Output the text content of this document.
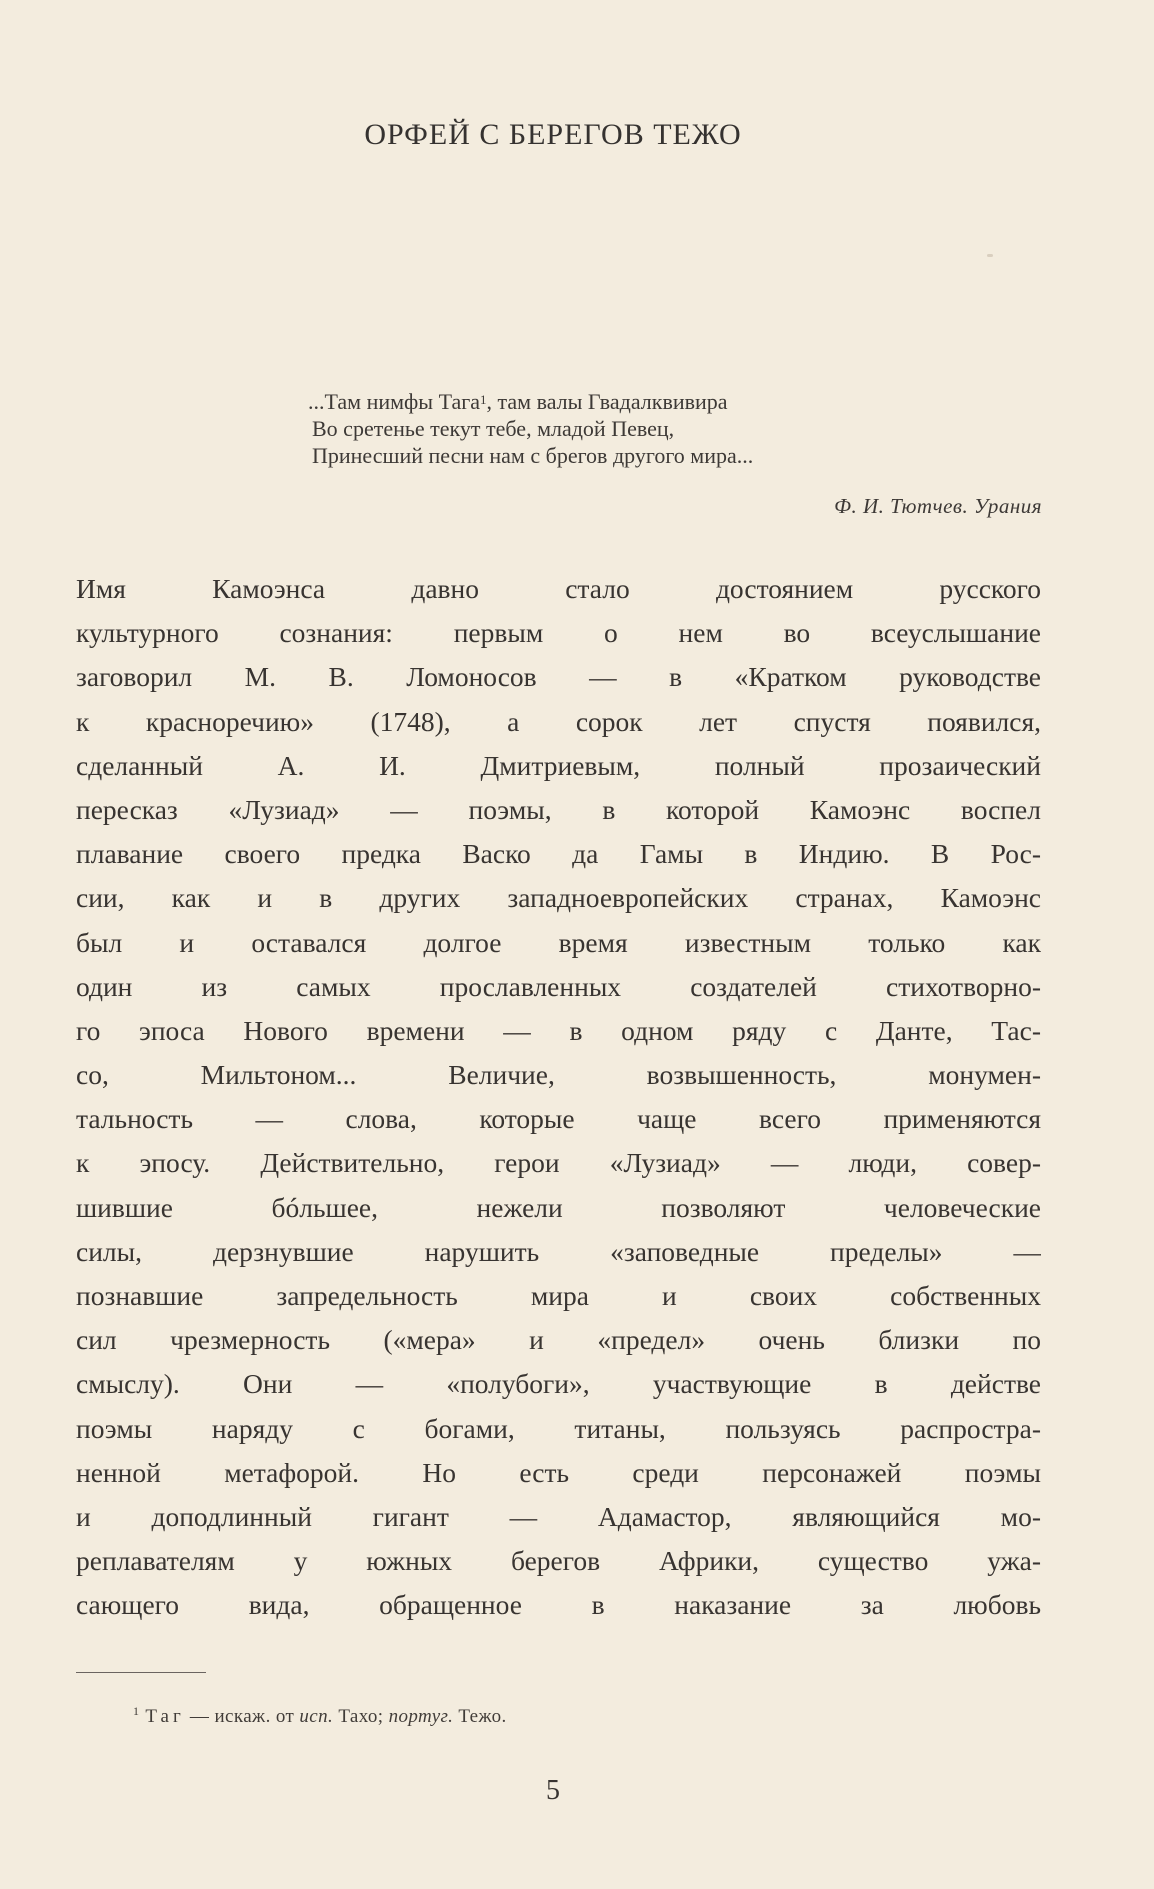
ОРФЕЙ С БЕРЕГОВ ТЕЖО
...Там нимфы Тага$^1$, там валы Гвадалквивира
Во сретенье текут тебе, младой Певец,
Принесший песни нам с брегов другого мира...
Ф. И. Тютчев. Урания
Имя Камоэнса давно стало достоянием русского
культурного сознания: первым о нем во всеуслышание
заговорил М. В. Ломоносов — в «Кратком руководстве
к красноречию» (1748), а сорок лет спустя появился,
сделанный А. И. Дмитриевым, полный прозаический
пересказ «Лузиад» — поэмы, в которой Камоэнс воспел
плавание своего предка Васко да Гамы в Индию. В Рос-
сии, как и в других западноевропейских странах, Камоэнс
был и оставался долгое время известным только как
один из самых прославленных создателей стихотворно-
го эпоса Нового времени — в одном ряду с Данте, Тас-
со, Мильтоном... Величие, возвышенность, монумен-
тальность — слова, которые чаще всего применяются
к эпосу. Действительно, герои «Лузиад» — люди, совер-
шившие бóльшее, нежели позволяют человеческие
силы, дерзнувшие нарушить «заповедные пределы» —
познавшие запредельность мира и своих собственных
сил чрезмерность («мера» и «предел» очень близки по
смыслу). Они — «полубоги», участвующие в действе
поэмы наряду с богами, титаны, пользуясь распростра-
ненной метафорой. Но есть среди персонажей поэмы
и доподлинный гигант — Адамастор, являющийся мо-
реплавателям у южных берегов Африки, существо ужа-
сающего вида, обращенное в наказание за любовь
$^1$ Таг — искаж. от исп. Тахо; португ. Тежо.
5
